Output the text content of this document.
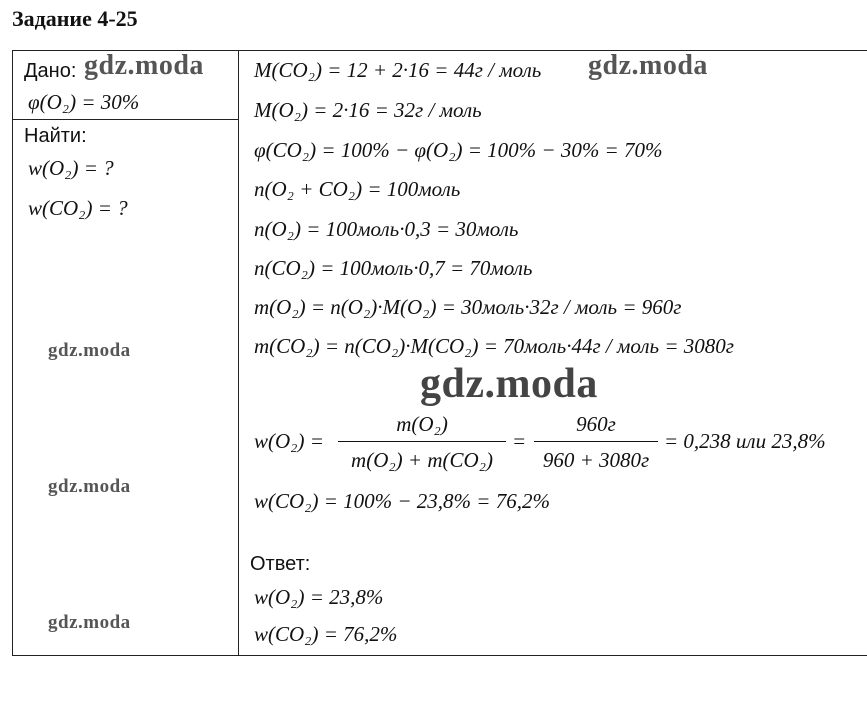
Задание 4-25
Дано:
φ(O₂) = 30%
Найти:
w(O₂) = ?
w(CO₂) = ?
M(CO₂) = 12 + 2·16 = 44г / моль
M(O₂) = 2·16 = 32г / моль
φ(CO₂) = 100% − φ(O₂) = 100% − 30% = 70%
n(O₂ + CO₂) = 100моль
n(O₂) = 100моль·0,3 = 30моль
n(CO₂) = 100моль·0,7 = 70моль
m(O₂) = n(O₂)·M(O₂) = 30моль·32г / моль = 960г
m(CO₂) = n(CO₂)·M(CO₂) = 70моль·44г / моль = 3080г
w(O₂) =
m(O₂)
m(O₂) + m(CO₂)
=
960г
960 + 3080г
= 0,238 или 23,8%
w(CO₂) = 100% − 23,8% = 76,2%
Ответ:
w(O₂) = 23,8%
w(CO₂) = 76,2%
gdz.moda	gdz.moda
gdz.moda
gdz.moda
gdz.moda
gdz.moda
